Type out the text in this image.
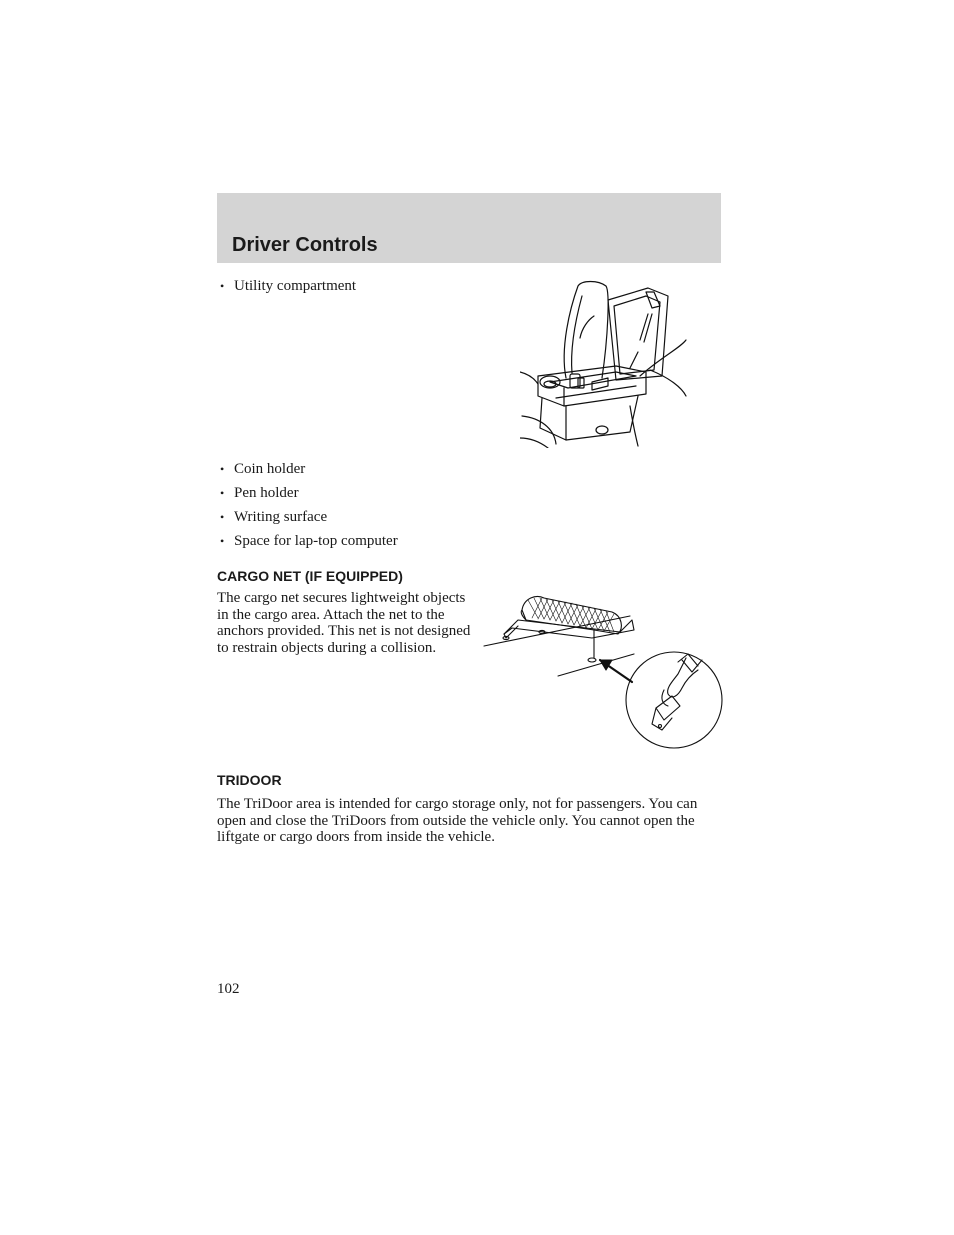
Driver Controls
• Utility compartment
• Coin holder
• Pen holder
• Writing surface
• Space for lap-top computer
CARGO NET (IF EQUIPPED)

The cargo net secures lightweight objects in the cargo area. Attach the net to the anchors provided. This net is not designed to restrain objects during a collision.

TRIDOOR

The TriDoor area is intended for cargo storage only, not for passengers. You can open and close the TriDoors from outside the vehicle only. You cannot open the liftgate or cargo doors from inside the vehicle.

102
